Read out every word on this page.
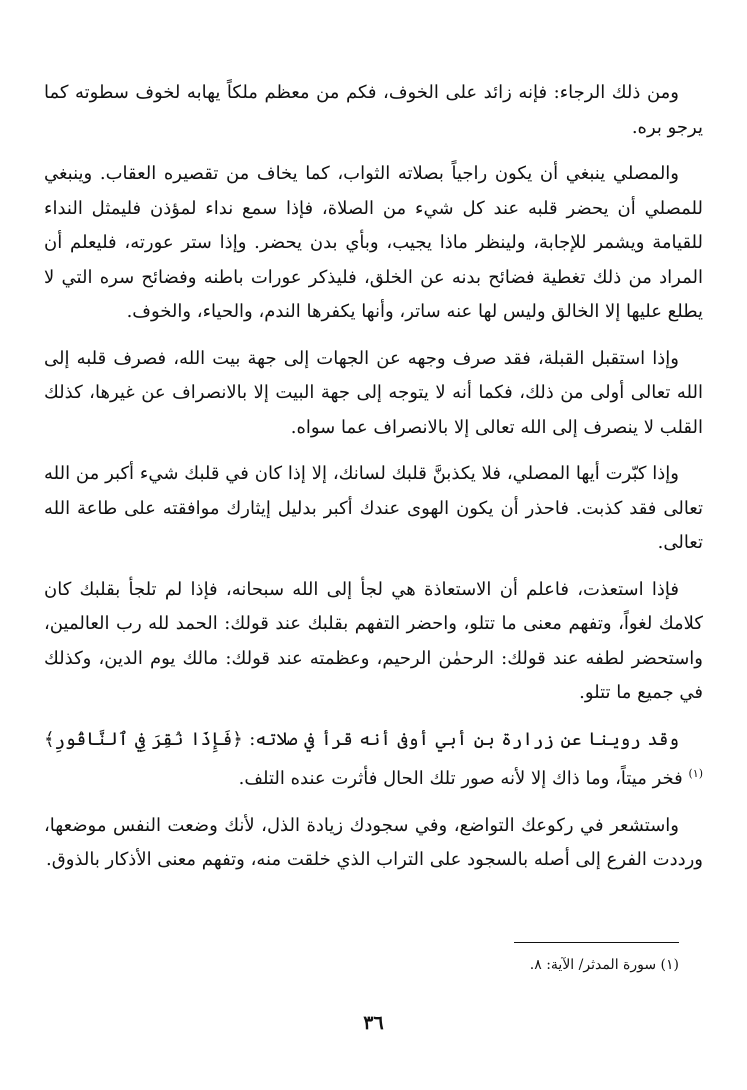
ومن ذلك الرجاء: فإنه زائد على الخوف، فكم من معظم ملكاً يهابه لخوف سطوته كما يرجو بره.

والمصلي ينبغي أن يكون راجياً بصلاته الثواب، كما يخاف من تقصيره العقاب. وينبغي للمصلي أن يحضر قلبه عند كل شيء من الصلاة، فإذا سمع نداء لمؤذن فليمثل النداء للقيامة ويشمر للإجابة، ولينظر ماذا يجيب، وبأي بدن يحضر. وإذا ستر عورته، فليعلم أن المراد من ذلك تغطية فضائح بدنه عن الخلق، فليذكر عورات باطنه وفضائح سره التي لا يطلع عليها إلا الخالق وليس لها عنه ساتر، وأنها يكفرها الندم، والحياء، والخوف.

وإذا استقبل القبلة، فقد صرف وجهه عن الجهات إلى جهة بيت الله، فصرف قلبه إلى الله تعالى أولى من ذلك، فكما أنه لا يتوجه إلى جهة البيت إلا بالانصراف عن غيرها، كذلك القلب لا ينصرف إلى الله تعالى إلا بالانصراف عما سواه.

وإذا كبّرت أيها المصلي، فلا يكذبنَّ قلبك لسانك، إلا إذا كان في قلبك شيء أكبر من الله تعالى فقد كذبت. فاحذر أن يكون الهوى عندك أكبر بدليل إيثارك موافقته على طاعة الله تعالى.

فإذا استعذت، فاعلم أن الاستعاذة هي لجأ إلى الله سبحانه، فإذا لم تلجأ بقلبك كان كلامك لغواً، وتفهم معنى ما تتلو، واحضر التفهم بقلبك عند قولك: الحمد لله رب العالمين، واستحضر لطفه عند قولك: الرحمٰن الرحيم، وعظمته عند قولك: مالك يوم الدين، وكذلك في جميع ما تتلو.

وقد روينا عن زرارة بن أبي أوفى أنه قرأ في صلاته: ﴿فَإِذَا نُقِرَ فِي ٱلنَّاقُورِ﴾$^{(١)}$ فخر ميتاً، وما ذاك إلا لأنه صور تلك الحال فأثرت عنده التلف.

واستشعر في ركوعك التواضع، وفي سجودك زيادة الذل، لأنك وضعت النفس موضعها، ورددت الفرع إلى أصله بالسجود على التراب الذي خلقت منه، وتفهم معنى الأذكار بالذوق.

(١) سورة المدثر/ الآية: ٨.
٣٦
